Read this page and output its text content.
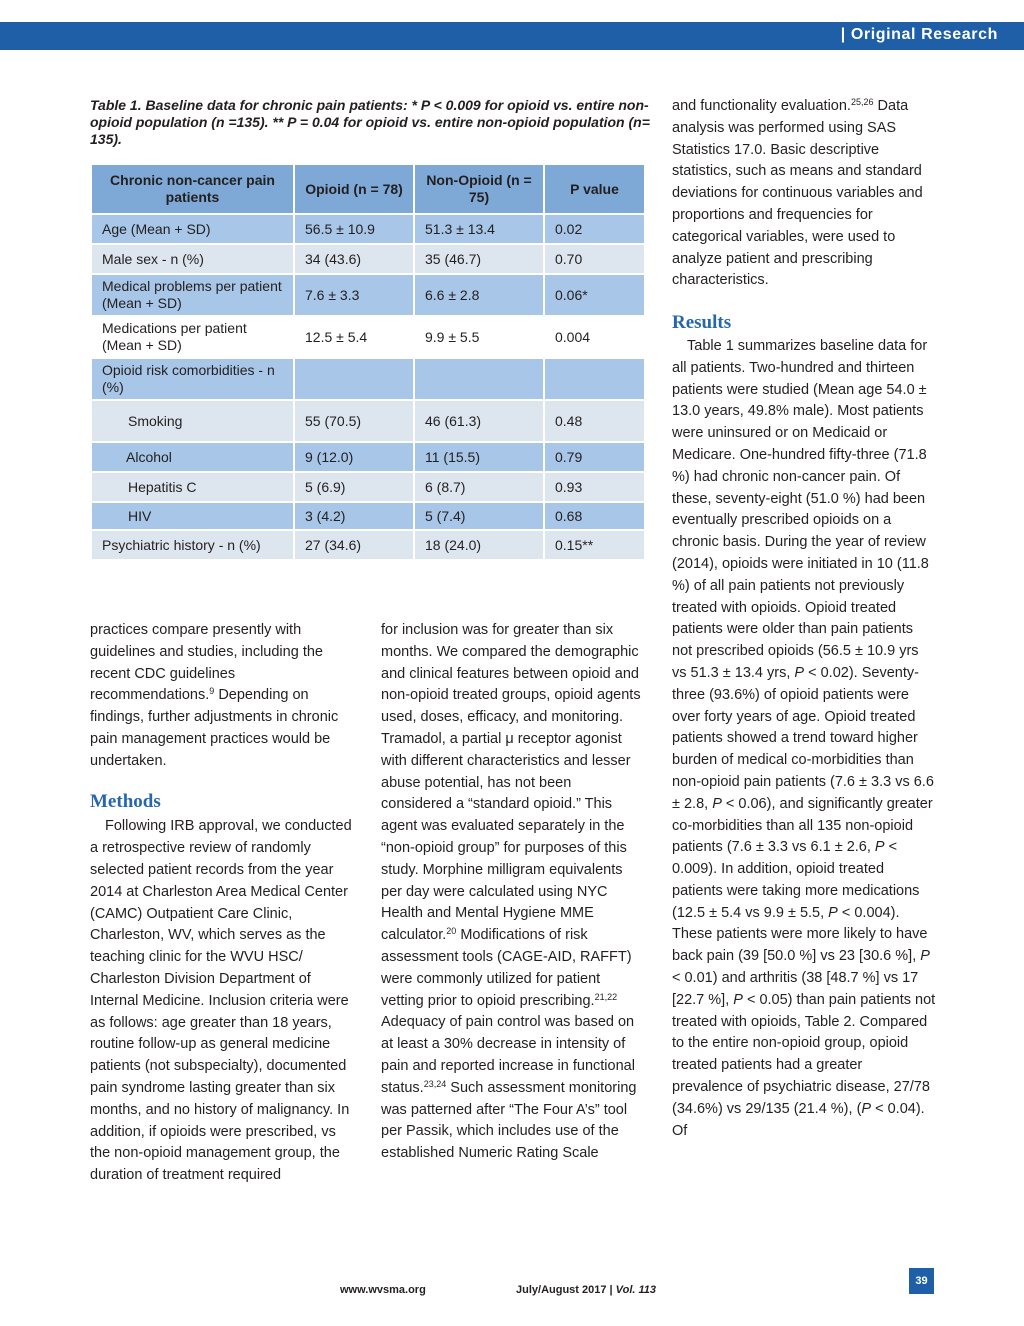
| Original Research
Table 1. Baseline data for chronic pain patients: * P < 0.009 for opioid vs. entire non-opioid population (n =135). ** P = 0.04 for opioid vs. entire non-opioid population (n= 135).
Chronic non-cancer pain patients	Opioid (n = 78)	Non-Opioid (n = 75)	P value
Age (Mean + SD)	56.5 ± 10.9	51.3 ± 13.4	0.02
Male sex - n (%)	34 (43.6)	35 (46.7)	0.70
Medical problems per patient (Mean + SD)	7.6 ± 3.3	6.6 ± 2.8	0.06*
Medications per patient (Mean + SD)	12.5 ± 5.4	9.9 ± 5.5	0.004
Opioid risk comorbidities - n (%)			
Smoking	55 (70.5)	46 (61.3)	0.48
Alcohol	9 (12.0)	11 (15.5)	0.79
Hepatitis C	5 (6.9)	6 (8.7)	0.93
HIV	3 (4.2)	5 (7.4)	0.68
Psychiatric history - n (%)	27 (34.6)	18 (24.0)	0.15**

practices compare presently with guidelines and studies, including the recent CDC guidelines recommendations.$^9$ Depending on findings, further adjustments in chronic pain management practices would be undertaken.

Methods

Following IRB approval, we conducted a retrospective review of randomly selected patient records from the year 2014 at Charleston Area Medical Center (CAMC) Outpatient Care Clinic, Charleston, WV, which serves as the teaching clinic for the WVU HSC/ Charleston Division Department of Internal Medicine. Inclusion criteria were as follows: age greater than 18 years, routine follow-up as general medicine patients (not subspecialty), documented pain syndrome lasting greater than six months, and no history of malignancy. In addition, if opioids were prescribed, vs the non-opioid management group, the duration of treatment required

for inclusion was for greater than six months. We compared the demographic and clinical features between opioid and non-opioid treated groups, opioid agents used, doses, efficacy, and monitoring. Tramadol, a partial μ receptor agonist with different characteristics and lesser abuse potential, has not been considered a “standard opioid.” This agent was evaluated separately in the “non-opioid group” for purposes of this study. Morphine milligram equivalents per day were calculated using NYC Health and Mental Hygiene MME calculator.$^{20}$ Modifications of risk assessment tools (CAGE-AID, RAFFT) were commonly utilized for patient vetting prior to opioid prescribing.$^{21,22}$ Adequacy of pain control was based on at least a 30% decrease in intensity of pain and reported increase in functional status.$^{23,24}$ Such assessment monitoring was patterned after “The Four A’s” tool per Passik, which includes use of the established Numeric Rating Scale

and functionality evaluation.$^{25,26}$ Data analysis was performed using SAS Statistics 17.0. Basic descriptive statistics, such as means and standard deviations for continuous variables and proportions and frequencies for categorical variables, were used to analyze patient and prescribing characteristics.

Results

Table 1 summarizes baseline data for all patients. Two-hundred and thirteen patients were studied (Mean age 54.0 ± 13.0 years, 49.8% male). Most patients were uninsured or on Medicaid or Medicare. One-hundred fifty-three (71.8 %) had chronic non-cancer pain. Of these, seventy-eight (51.0 %) had been eventually prescribed opioids on a chronic basis. During the year of review (2014), opioids were initiated in 10 (11.8 %) of all pain patients not previously treated with opioids. Opioid treated patients were older than pain patients not prescribed opioids (56.5 ± 10.9 yrs vs 51.3 ± 13.4 yrs, P < 0.02). Seventy-three (93.6%) of opioid patients were over forty years of age. Opioid treated patients showed a trend toward higher burden of medical co-morbidities than non-opioid pain patients (7.6 ± 3.3 vs 6.6 ± 2.8, P < 0.06), and significantly greater co-morbidities than all 135 non-opioid patients (7.6 ± 3.3 vs 6.1 ± 2.6, P < 0.009). In addition, opioid treated patients were taking more medications (12.5 ± 5.4 vs 9.9 ± 5.5, P < 0.004). These patients were more likely to have back pain (39 [50.0 %] vs 23 [30.6 %], P < 0.01) and arthritis (38 [48.7 %] vs 17 [22.7 %], P < 0.05) than pain patients not treated with opioids, Table 2. Compared to the entire non-opioid group, opioid treated patients had a greater prevalence of psychiatric disease, 27/78 (34.6%) vs 29/135 (21.4 %), (P < 0.04). Of

www.wvsma.org	July/August 2017 | Vol. 113
39
